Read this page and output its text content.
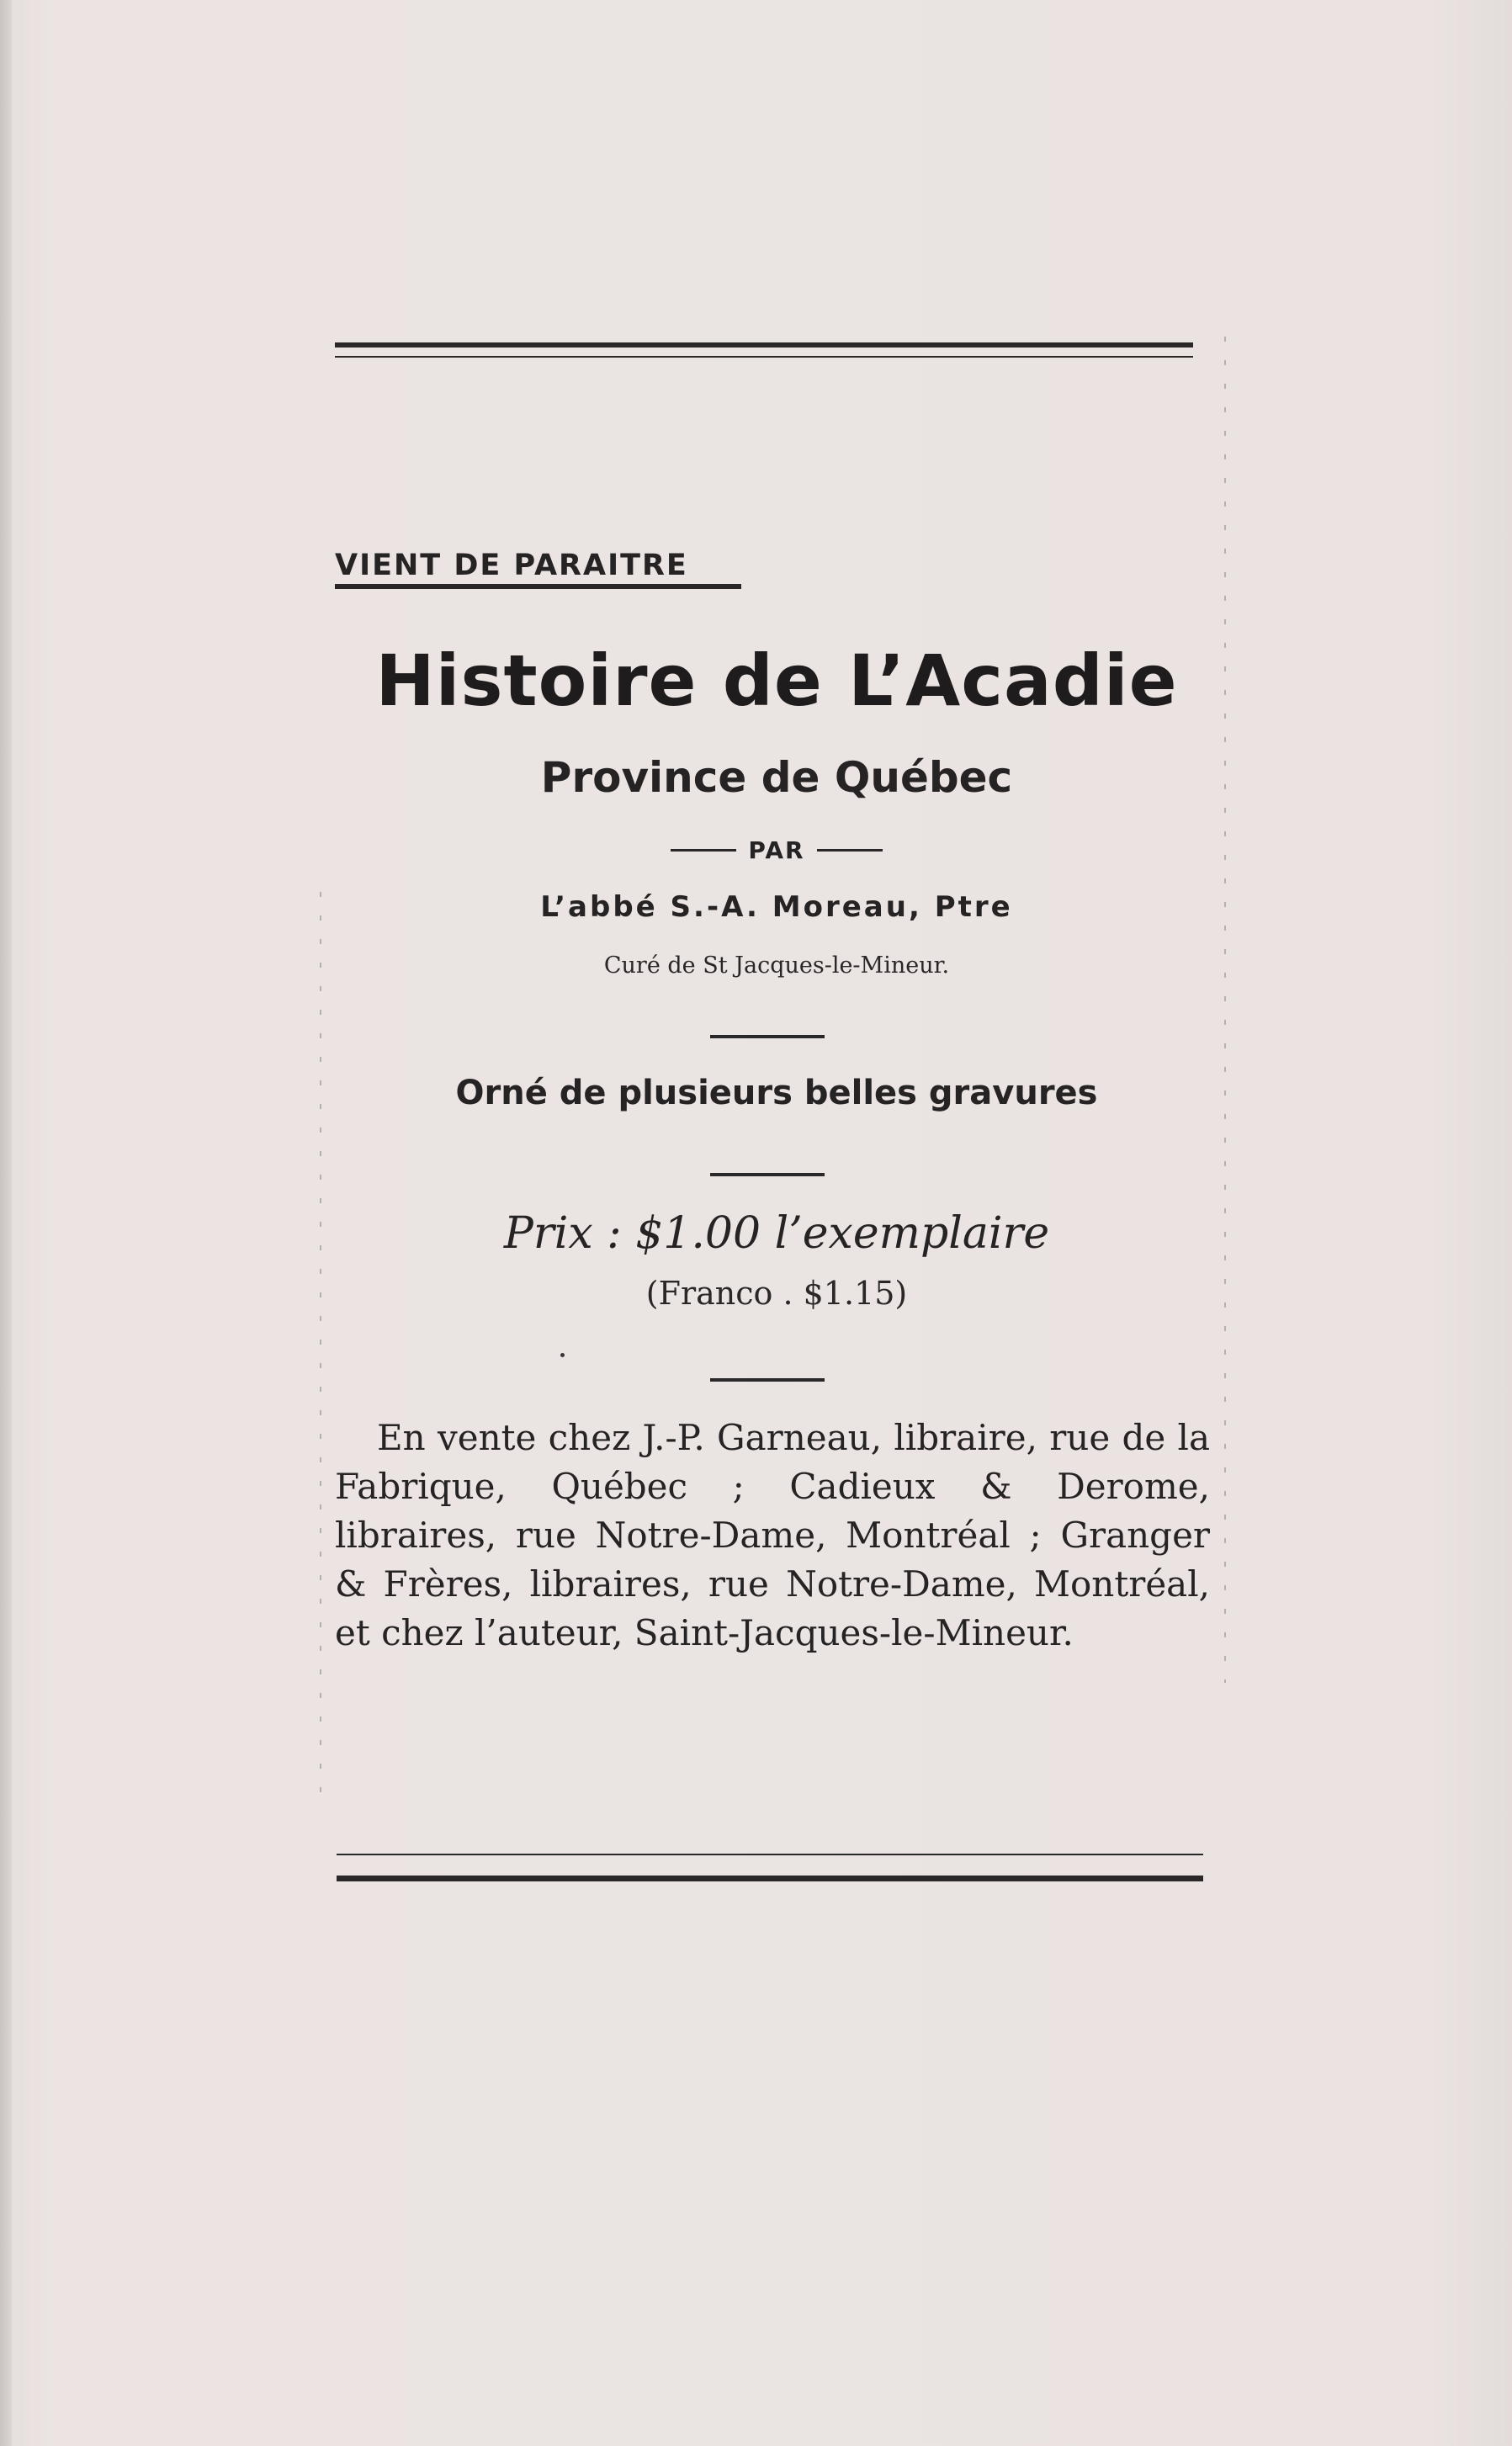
VIENT DE PARAITRE
Histoire de L’Acadie
Province de Québec
PAR
L’abbé S.-A. Moreau, Ptre
Curé de St Jacques-le-Mineur.
Orné de plusieurs belles gravures
Prix : $1.00 l’exemplaire
(Franco . $1.15)
En vente chez J.-P. Garneau, libraire, rue de la Fabrique, Québec ; Cadieux & Derome, libraires, rue Notre-Dame, Montréal ; Granger & Frères, libraires, rue Notre-Dame, Montréal, et chez l’auteur, Saint-Jacques-le-Mineur.
